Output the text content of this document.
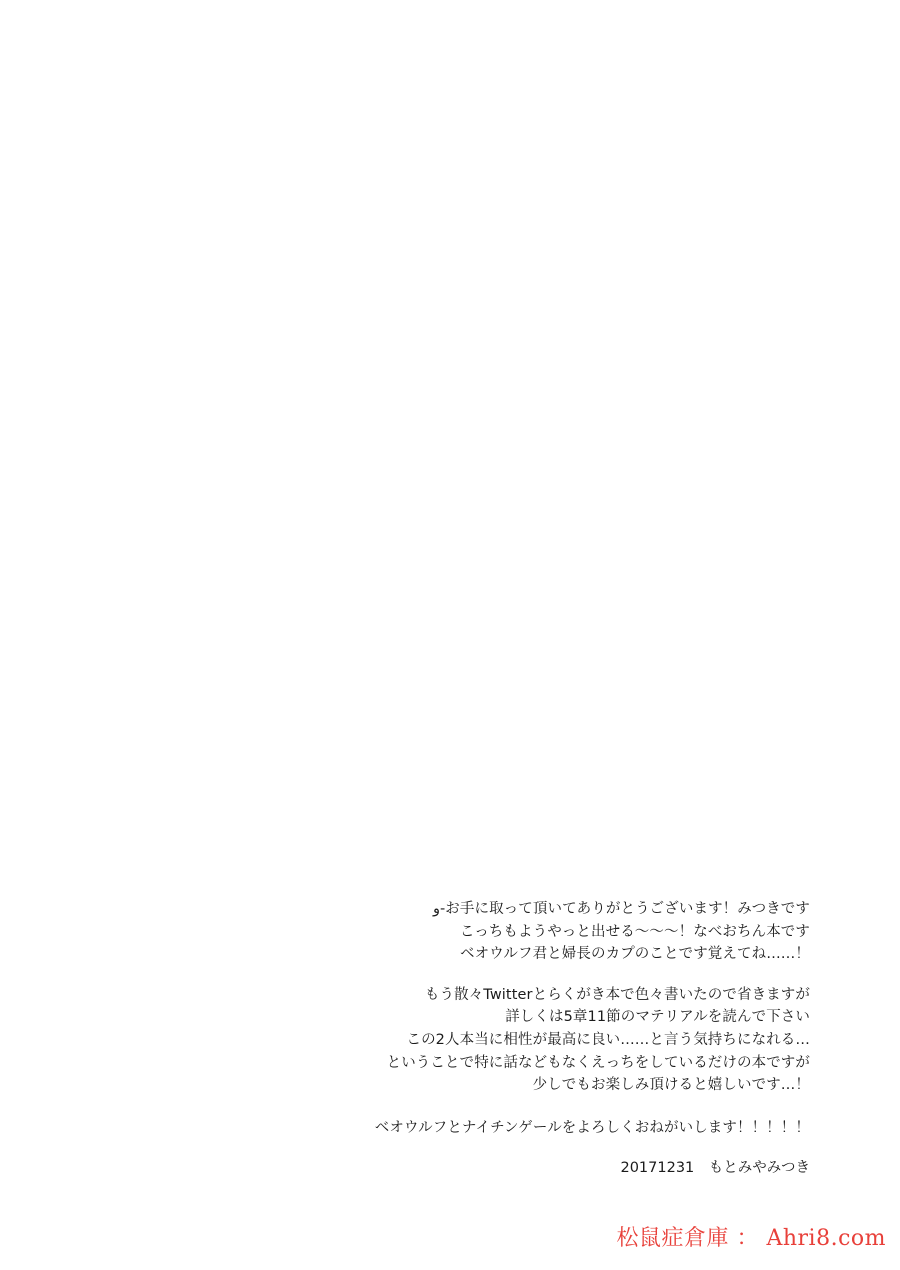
ﻭ-お手に取って頂いてありがとうございます！みつきです
こっちもようやっと出せる〜〜〜！なべおちん本です
ベオウルフ君と婦長のカプのことです覚えてね……！
もう散々Twitterとらくがき本で色々書いたので省きますが
詳しくは5章11節のマテリアルを読んで下さい
この2人本当に相性が最高に良い……と言う気持ちになれる…
ということで特に話などもなくえっちをしているだけの本ですが
少しでもお楽しみ頂けると嬉しいです…！
ベオウルフとナイチンゲールをよろしくおねがいします！！！！！
20171231　もとみやみつき
松鼠症倉庫 ： Ahri8.com
